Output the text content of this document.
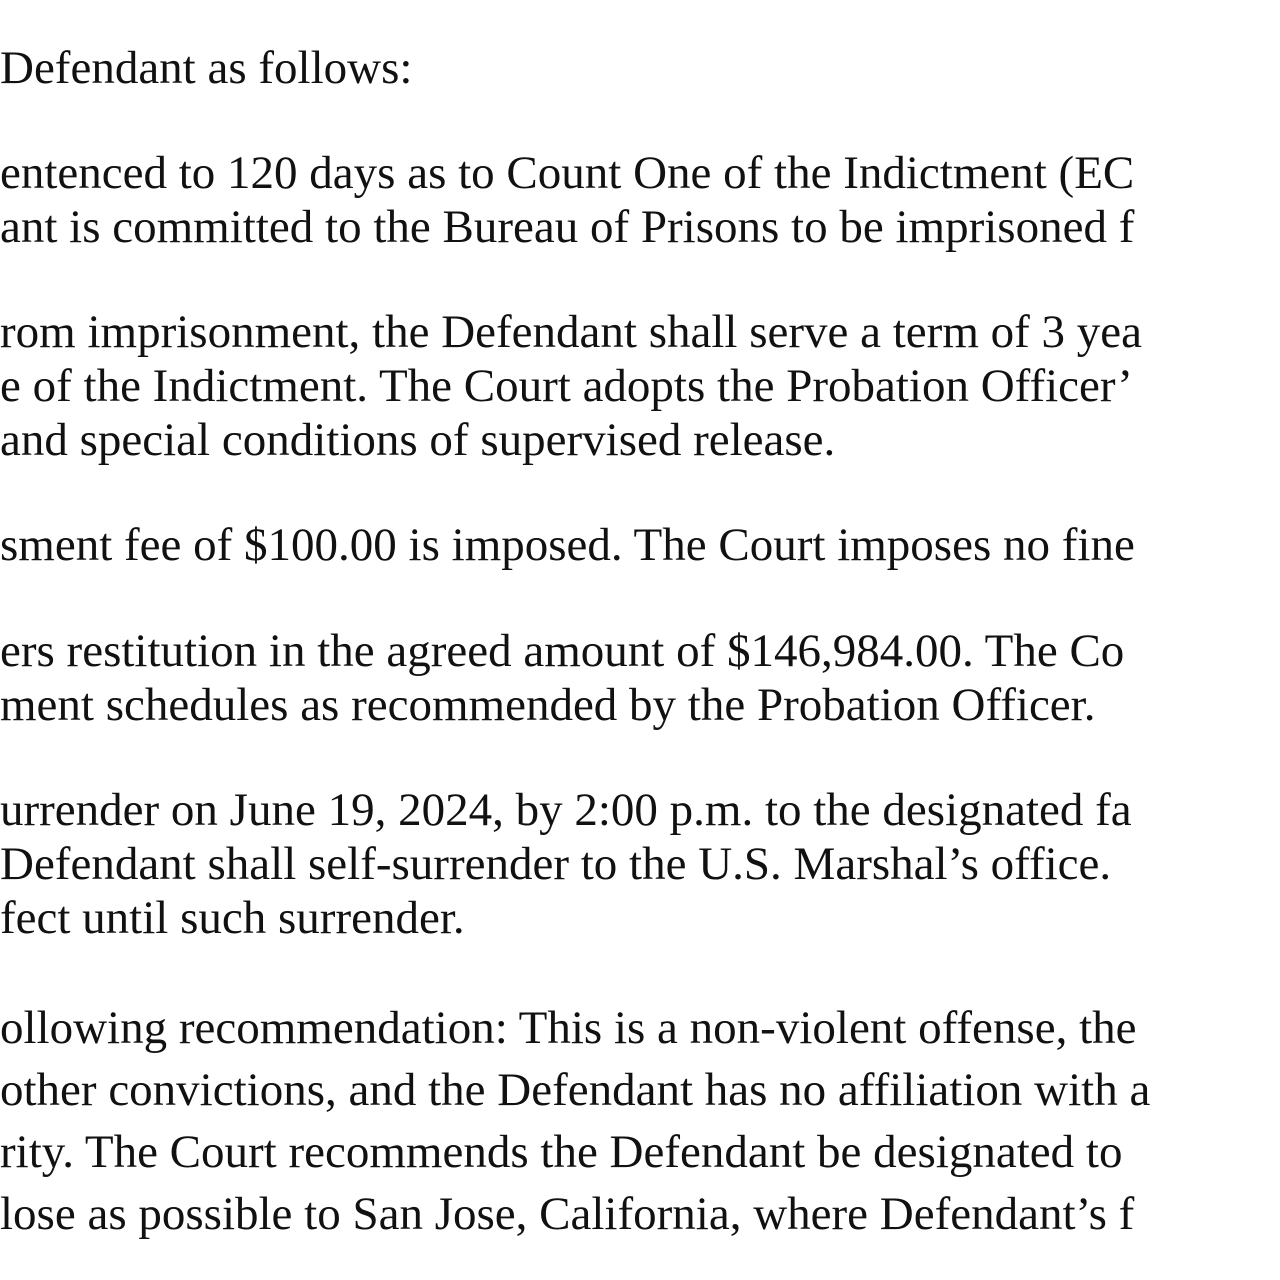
Defendant as follows:
entenced to 120 days as to Count One of the Indictment (EC
ant is committed to the Bureau of Prisons to be imprisoned f
rom imprisonment, the Defendant shall serve a term of 3 yea
e of the Indictment. The Court adopts the Probation Officer’
and special conditions of supervised release.
sment fee of $100.00 is imposed. The Court imposes no fine
ers restitution in the agreed amount of $146,984.00. The Co
ment schedules as recommended by the Probation Officer.
urrender on June 19, 2024, by 2:00 p.m. to the designated fa
Defendant shall self-surrender to the U.S. Marshal’s office.
fect until such surrender.
ollowing recommendation: This is a non-violent offense, the
other convictions, and the Defendant has no affiliation with a
rity. The Court recommends the Defendant be designated to
lose as possible to San Jose, California, where Defendant’s f
